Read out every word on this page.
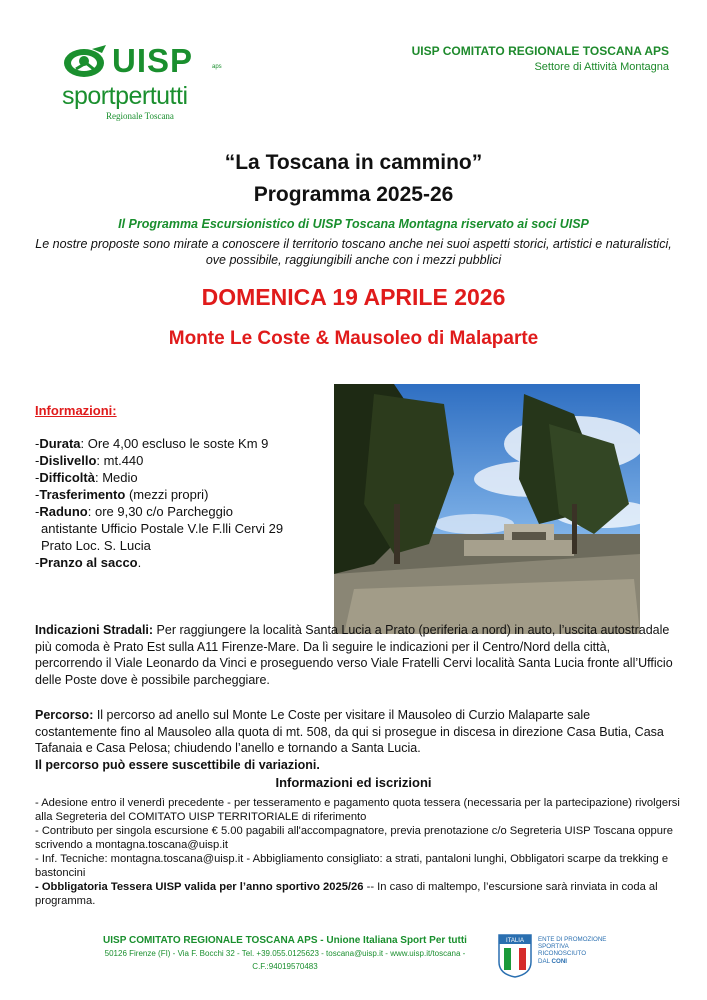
UISP	aps
sportpertutti
Regionale Toscana
UISP COMITATO REGIONALE TOSCANA APS
Settore di Attività Montagna
“La Toscana in cammino”
Programma 2025-26
Il Programma Escursionistico di UISP Toscana Montagna riservato ai soci UISP
Le nostre proposte sono mirate a conoscere il territorio toscano anche nei suoi aspetti storici, artistici e naturalistici, ove possibile, raggiungibili anche con i mezzi pubblici
DOMENICA 19 APRILE 2026
Monte Le Coste & Mausoleo di Malaparte
Informazioni:
-Durata: Ore 4,00 escluso le soste Km 9
-Dislivello: mt.440
-Difficoltà: Medio
-Trasferimento (mezzi propri)
-Raduno: ore 9,30 c/o Parcheggio
antistante Ufficio Postale V.le F.lli Cervi 29
Prato Loc. S. Lucia
-Pranzo al sacco.
Indicazioni Stradali: Per raggiungere la località Santa Lucia a Prato (periferia a nord) in auto, l’uscita autostradale più comoda è Prato Est sulla A11 Firenze-Mare. Da lì seguire le indicazioni per il Centro/Nord della città, percorrendo il Viale Leonardo da Vinci e proseguendo verso Viale Fratelli Cervi località Santa Lucia fronte all’Ufficio delle Poste dove è possibile parcheggiare.
Percorso: Il percorso ad anello sul Monte Le Coste per visitare il Mausoleo di Curzio Malaparte sale costantemente fino al Mausoleo alla quota di mt. 508, da qui si prosegue in discesa in direzione Casa Butia, Casa Tafanaia e Casa Pelosa; chiudendo l’anello e tornando a Santa Lucia.
Il percorso può essere suscettibile di variazioni.
Informazioni ed iscrizioni
- Adesione entro il venerdì precedente - per tesseramento e pagamento quota tessera (necessaria per la partecipazione) rivolgersi alla Segreteria del COMITATO UISP TERRITORIALE di riferimento
- Contributo per singola escursione € 5.00 pagabili all'accompagnatore, previa prenotazione c/o Segreteria UISP Toscana oppure scrivendo a montagna.toscana@uisp.it
- Inf. Tecniche: montagna.toscana@uisp.it - Abbigliamento consigliato: a strati, pantaloni lunghi, Obbligatori scarpe da trekking e bastoncini
- Obbligatoria Tessera UISP valida per l’anno sportivo 2025/26 -- In caso di maltempo, l’escursione sarà rinviata in coda al programma.
UISP COMITATO REGIONALE TOSCANA APS - Unione Italiana Sport Per tutti
50126 Firenze (FI) - Via F. Bocchi 32 - Tel. +39.055.0125623 - toscana@uisp.it - www.uisp.it/toscana -
C.F.:94019570483
ITALIA ENTE DI PROMOZIONE
SPORTIVA
RICONOSCIUTO
DAL CONI
